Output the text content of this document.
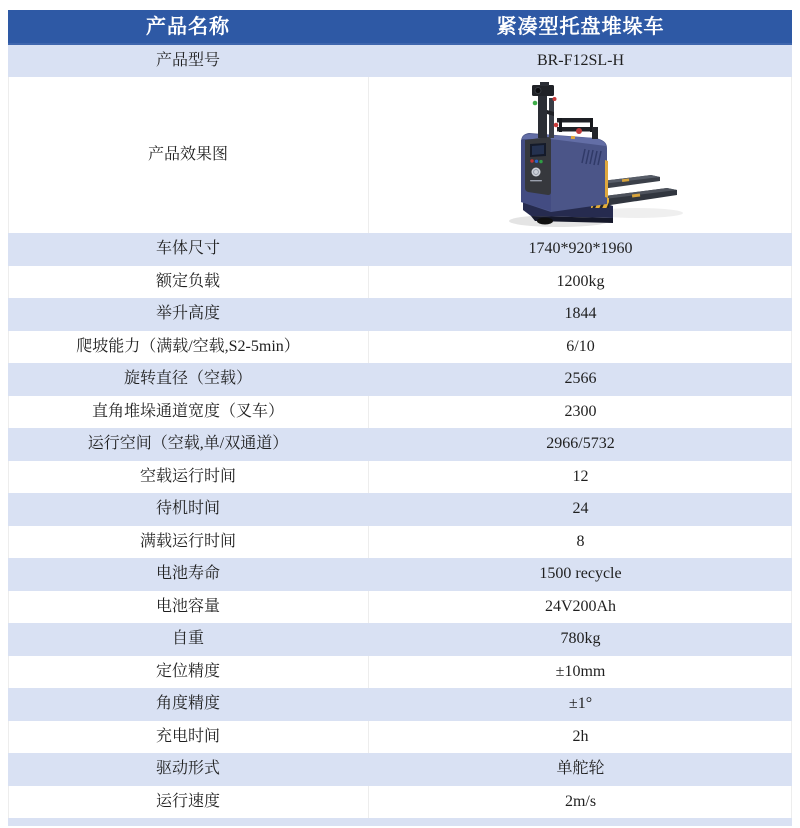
产品名称	紧凑型托盘堆垛车
产品型号	BR-F12SL-H
产品效果图
车体尺寸	1740*920*1960
额定负载	1200kg
举升高度	1844
爬坡能力（满载/空载,S2-5min）	6/10
旋转直径（空载）	2566
直角堆垛通道宽度（叉车）	2300
运行空间（空载,单/双通道）	2966/5732
空载运行时间	12
待机时间	24
满载运行时间	8
电池寿命	1500 recycle
电池容量	24V200Ah
自重	780kg
定位精度	±10mm
角度精度	±1°
充电时间	2h
驱动形式	单舵轮
运行速度	2m/s
